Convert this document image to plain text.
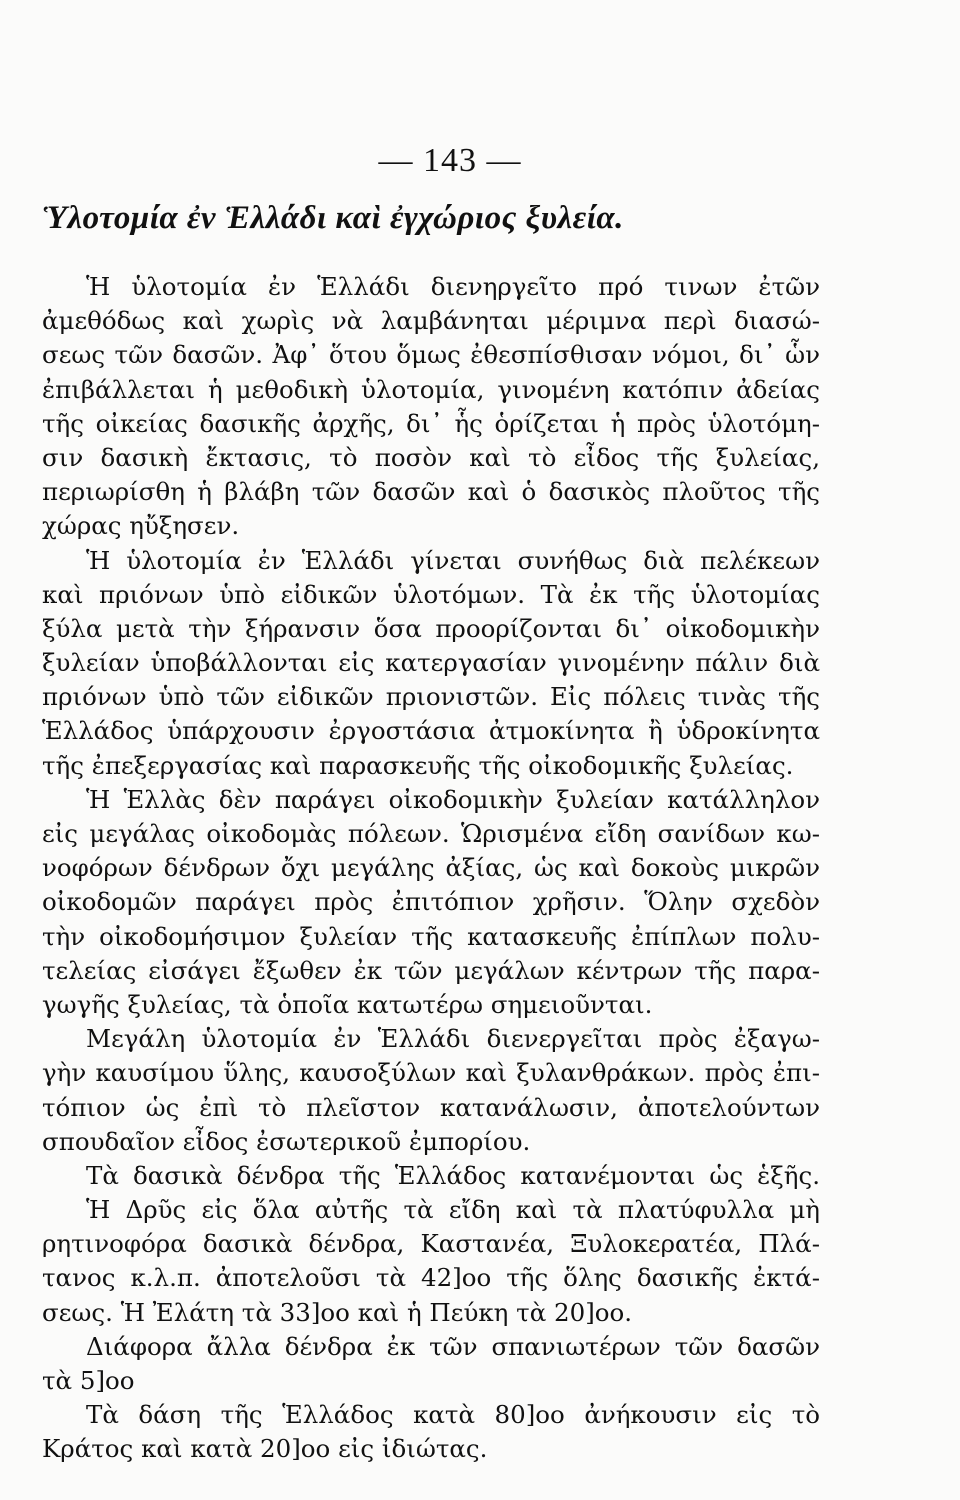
— 143 —
Ὑλοτομία ἐν Ἑλλάδι καὶ ἐγχώριος ξυλεία.
Ἡ ὑλοτομία ἐν Ἑλλάδι διενηργεῖτο πρό τινων ἐτῶν
ἀμεθόδως καὶ χωρὶς νὰ λαμβάνηται μέριμνα περὶ διασώ-
σεως τῶν δασῶν. Ἀφ᾽ ὅτου ὅμως ἐθεσπίσθισαν νόμοι, δι᾽ ὧν
ἐπιβάλλεται ἡ μεθοδικὴ ὑλοτομία, γινομένη κατόπιν ἀδείας
τῆς οἰκείας δασικῆς ἀρχῆς, δι᾽ ἧς ὁρίζεται ἡ πρὸς ὑλοτόμη-
σιν δασικὴ ἔκτασις, τὸ ποσὸν καὶ τὸ εἶδος τῆς ξυλείας,
περιωρίσθη ἡ βλάβη τῶν δασῶν καὶ ὁ δασικὸς πλοῦτος τῆς
χώρας ηὔξησεν.
Ἡ ὑλοτομία ἐν Ἑλλάδι γίνεται συνήθως διὰ πελέκεων
καὶ πριόνων ὑπὸ εἰδικῶν ὑλοτόμων. Τὰ ἐκ τῆς ὑλοτομίας
ξύλα μετὰ τὴν ξήρανσιν ὅσα προορίζονται δι᾽ οἰκοδομικὴν
ξυλείαν ὑποβάλλονται εἰς κατεργασίαν γινομένην πάλιν διὰ
πριόνων ὑπὸ τῶν εἰδικῶν πριονιστῶν. Εἰς πόλεις τινὰς τῆς
Ἑλλάδος ὑπάρχουσιν ἐργοστάσια ἀτμοκίνητα ἢ ὑδροκίνητα
τῆς ἐπεξεργασίας καὶ παρασκευῆς τῆς οἰκοδομικῆς ξυλείας.
Ἡ Ἑλλὰς δὲν παράγει οἰκοδομικὴν ξυλείαν κατάλληλον
εἰς μεγάλας οἰκοδομὰς πόλεων. Ὡρισμένα εἴδη σανίδων κω-
νοφόρων δένδρων ὄχι μεγάλης ἀξίας, ὡς καὶ δοκοὺς μικρῶν
οἰκοδομῶν παράγει πρὸς ἐπιτόπιον χρῆσιν. Ὅλην σχεδὸν
τὴν οἰκοδομήσιμον ξυλείαν τῆς κατασκευῆς ἐπίπλων πολυ-
τελείας εἰσάγει ἔξωθεν ἐκ τῶν μεγάλων κέντρων τῆς παρα-
γωγῆς ξυλείας, τὰ ὁποῖα κατωτέρω σημειοῦνται.
Μεγάλη ὑλοτομία ἐν Ἑλλάδι διενεργεῖται πρὸς ἐξαγω-
γὴν καυσίμου ὕλης, καυσοξύλων καὶ ξυλανθράκων. πρὸς ἐπι-
τόπιον ὡς ἐπὶ τὸ πλεῖστον κατανάλωσιν, ἀποτελούντων
σπουδαῖον εἶδος ἐσωτερικοῦ ἐμπορίου.
Τὰ δασικὰ δένδρα τῆς Ἑλλάδος κατανέμονται ὡς ἑξῆς.
Ἡ Δρῦς εἰς ὅλα αὐτῆς τὰ εἴδη καὶ τὰ πλατύφυλλα μὴ
ρητινοφόρα δασικὰ δένδρα, Καστανέα, Ξυλοκερατέα, Πλά-
τανος κ.λ.π. ἀποτελοῦσι τὰ 42]οο τῆς ὅλης δασικῆς ἐκτά-
σεως. Ἡ Ἐλάτη τὰ 33]οο καὶ ἡ Πεύκη τὰ 20]οο.
Διάφορα ἄλλα δένδρα ἐκ τῶν σπανιωτέρων τῶν δασῶν
τὰ 5]οο
Τὰ δάση τῆς Ἑλλάδος κατὰ 80]οο ἀνήκουσιν εἰς τὸ
Κράτος καὶ κατὰ 20]οο εἰς ἰδιώτας.
